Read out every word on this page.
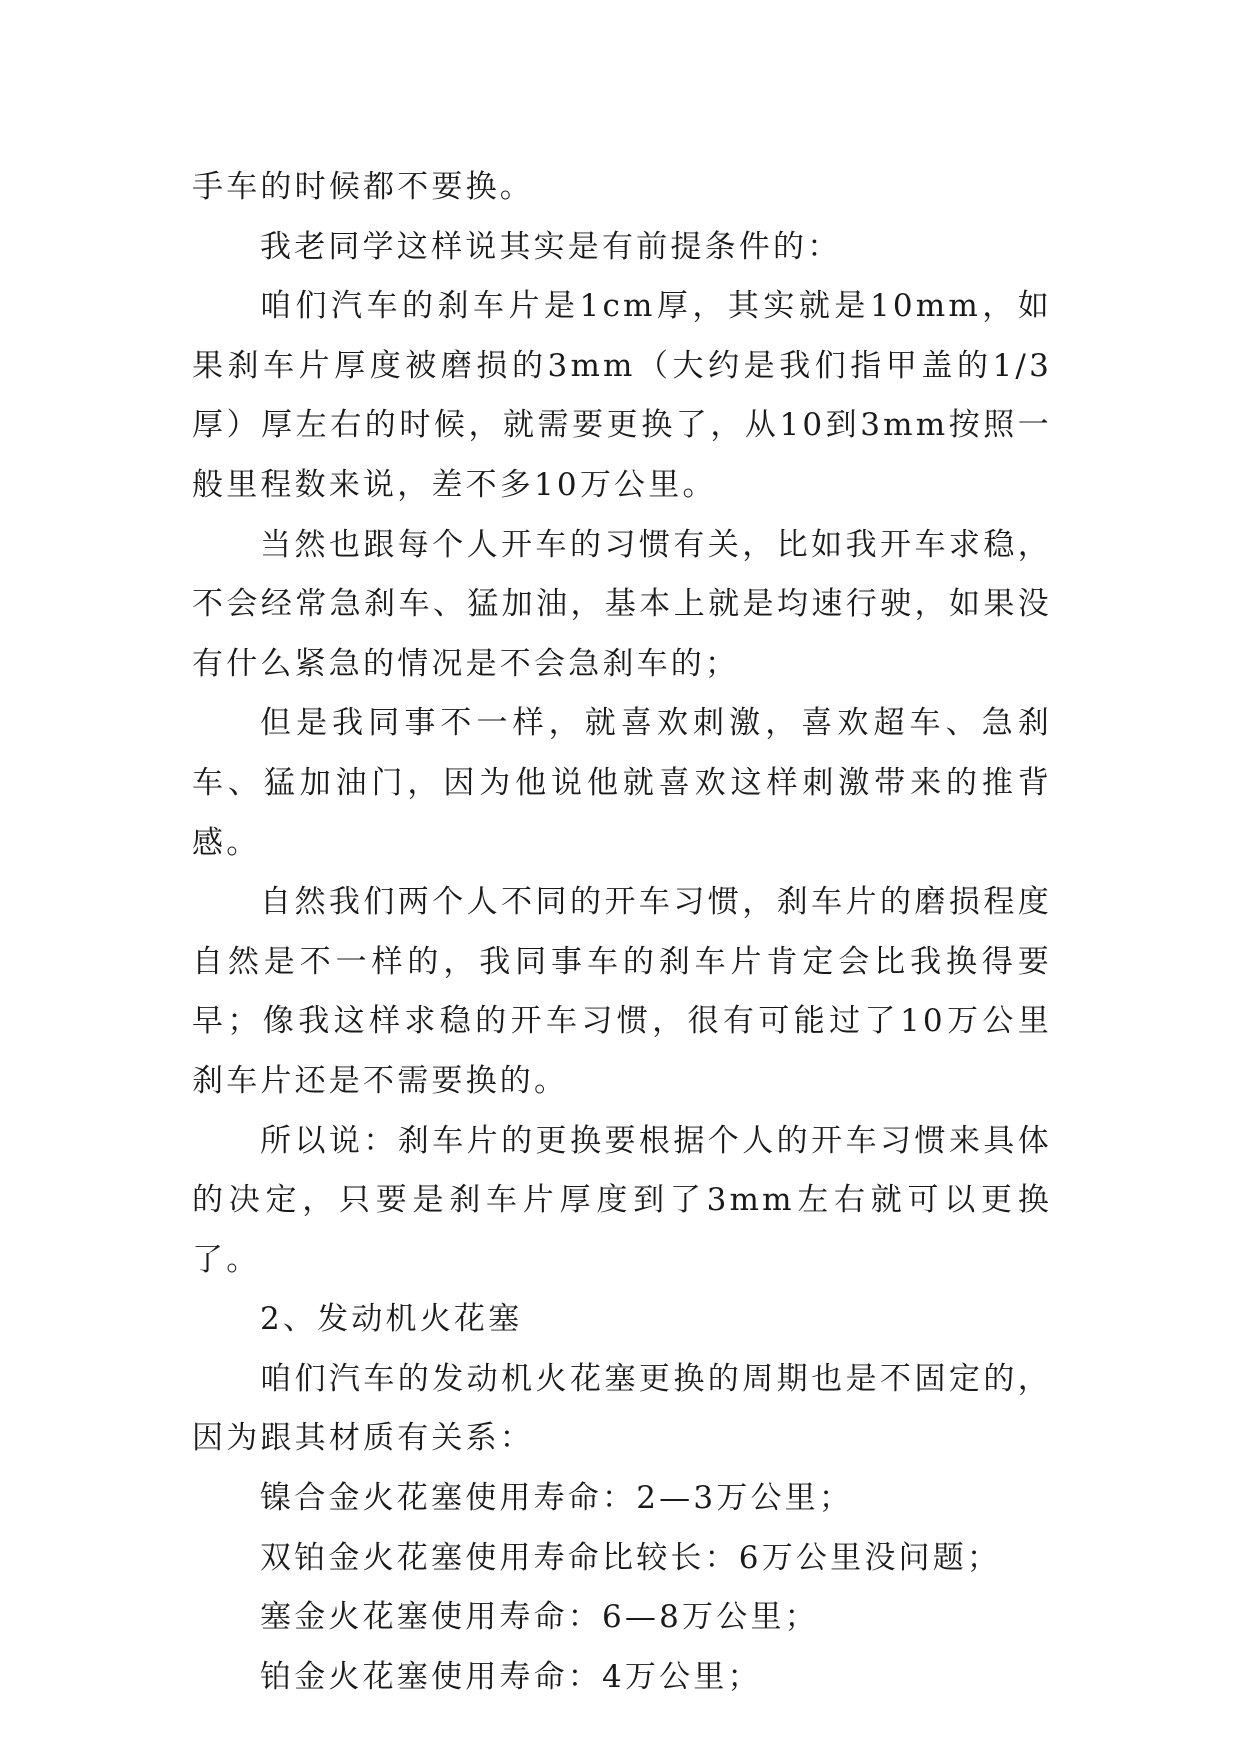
手车的时候都不要换。

我老同学这样说其实是有前提条件的：

咱们汽车的刹车片是1cm厚，其实就是10mm，如果刹车片厚度被磨损的3mm（大约是我们指甲盖的1/3厚）厚左右的时候，就需要更换了，从10到3mm按照一般里程数来说，差不多10万公里。

当然也跟每个人开车的习惯有关，比如我开车求稳，不会经常急刹车、猛加油，基本上就是均速行驶，如果没有什么紧急的情况是不会急刹车的；

但是我同事不一样，就喜欢刺激，喜欢超车、急刹车、猛加油门，因为他说他就喜欢这样刺激带来的推背感。

自然我们两个人不同的开车习惯，刹车片的磨损程度自然是不一样的，我同事车的刹车片肯定会比我换得要早；像我这样求稳的开车习惯，很有可能过了10万公里刹车片还是不需要换的。

所以说：刹车片的更换要根据个人的开车习惯来具体的决定，只要是刹车片厚度到了3mm左右就可以更换了。

2、发动机火花塞

咱们汽车的发动机火花塞更换的周期也是不固定的，因为跟其材质有关系：

镍合金火花塞使用寿命：2—3万公里；

双铂金火花塞使用寿命比较长：6万公里没问题；

塞金火花塞使用寿命：6—8万公里；

铂金火花塞使用寿命：4万公里；
